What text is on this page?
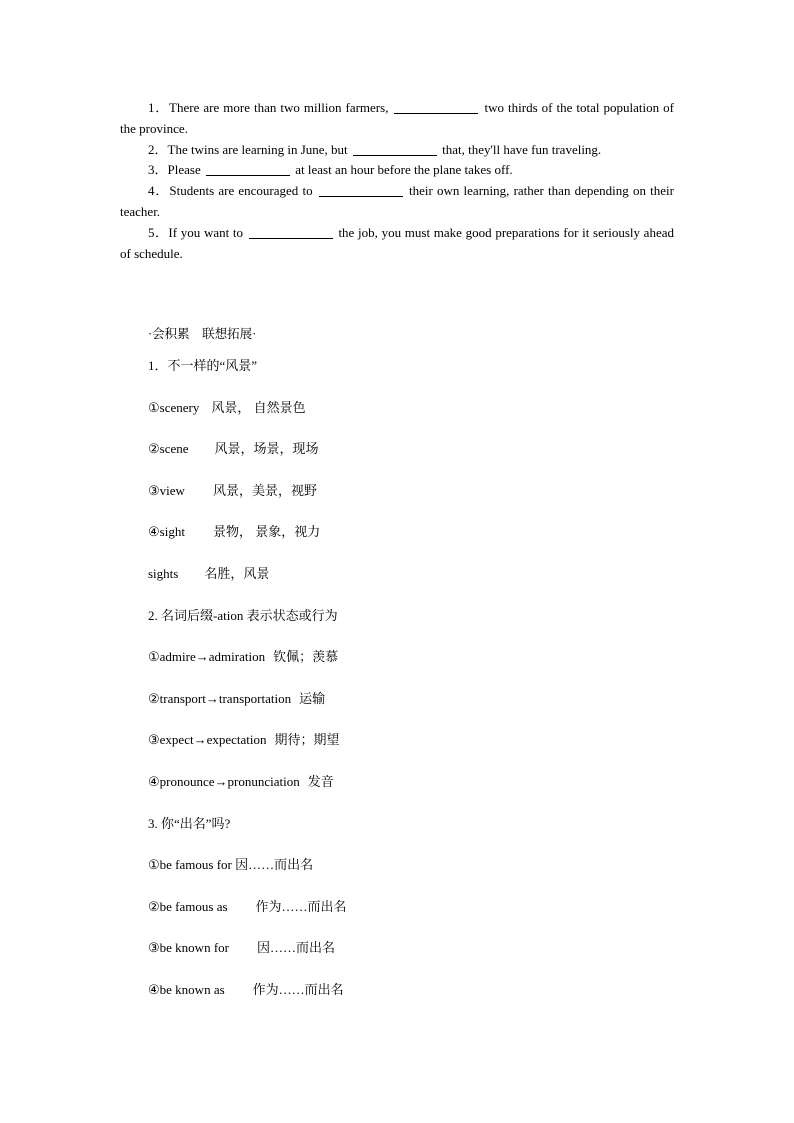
1．There are more than two million farmers,	two thirds of the total population of the province.

2．The twins are learning in June, but	that, they'll have fun traveling.

3．Please	at least an hour before the plane takes off.

4．Students are encouraged to	their own learning, rather than depending on their teacher.

5．If you want to	the job, you must make good preparations for it seriously ahead of schedule.

·会积累　联想拓展·
1．不一样的“风景”
①scenery 风景， 自然景色
②scene 风景，场景，现场
③view 风景，美景，视野
④sight 景物， 景象，视力
sights 名胜，风景
2. 名词后缀-ation 表示状态或行为
①admire→admiration 钦佩；羡慕
②transport→transportation 运输
③expect→expectation 期待；期望
④pronounce→pronunciation 发音
3. 你“出名”吗?
①be famous for 因……而出名
②be famous as 作为……而出名
③be known for 因……而出名
④be known as 作为……而出名
